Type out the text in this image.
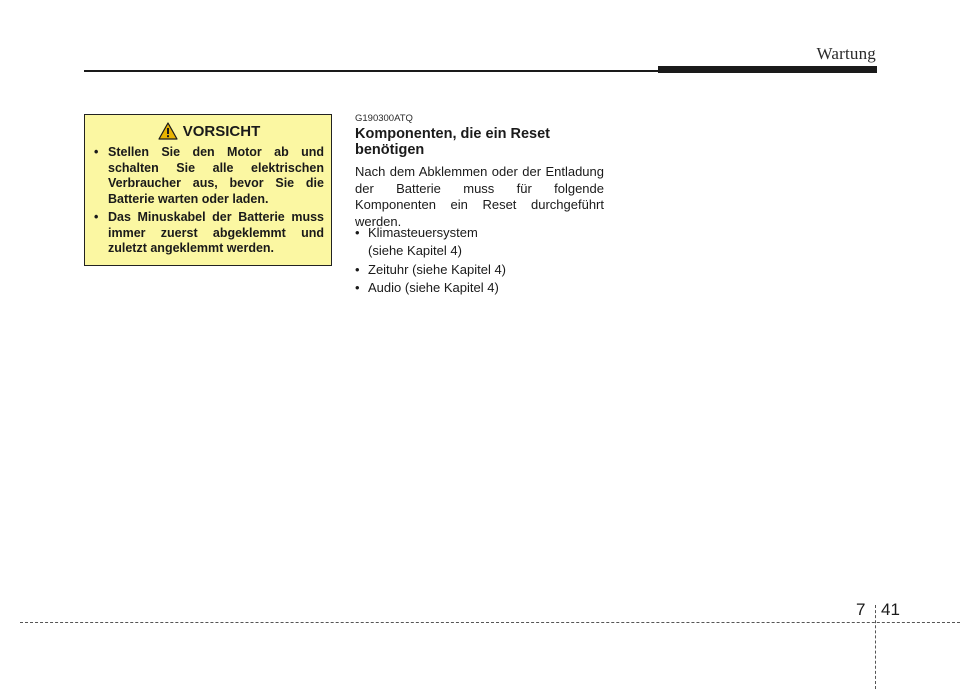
Wartung
VORSICHT
• Stellen Sie den Motor ab und schalten Sie alle elektrischen Verbraucher aus, bevor Sie die Batterie warten oder laden.
• Das Minuskabel der Batterie muss immer zuerst abgeklemmt und zuletzt angeklemmt werden.
G190300ATQ
Komponenten, die ein Reset benötigen

Nach dem Abklemmen oder der Entladung der Batterie muss für folgende Komponenten ein Reset durchgeführt werden.

• Klimasteuersystem
(siehe Kapitel 4)
• Zeituhr (siehe Kapitel 4)
• Audio (siehe Kapitel 4)
7 41
